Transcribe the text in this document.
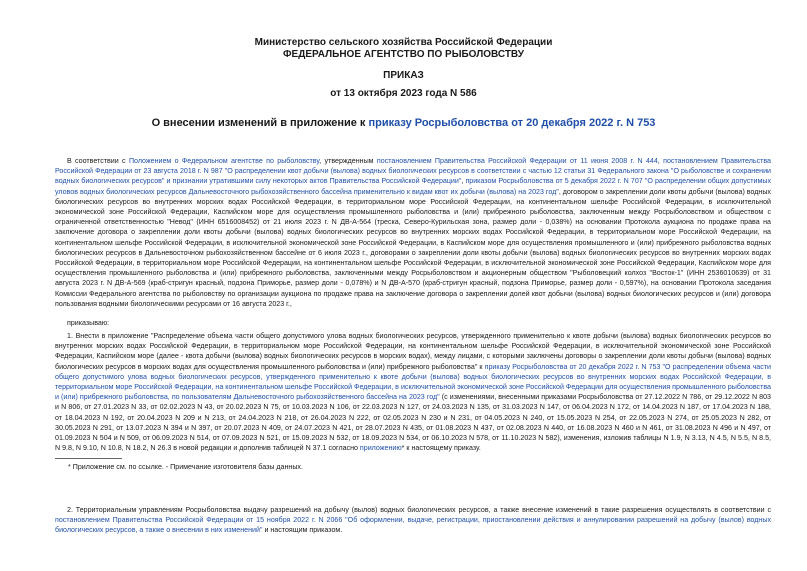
Министерство сельского хозяйства Российской Федерации
ФЕДЕРАЛЬНОЕ АГЕНТСТВО ПО РЫБОЛОВСТВУ
ПРИКАЗ
от 13 октября 2023 года N 586
О внесении изменений в приложение к приказу Росрыболовства от 20 декабря 2022 г. N 753
В соответствии с Положением о Федеральном агентстве по рыболовству, утвержденным постановлением Правительства Российской Федерации от 11 июня 2008 г. N 444, постановлением Правительства Российской Федерации от 23 августа 2018 г. N 987 "О распределении квот добычи (вылова) водных биологических ресурсов в соответствии с частью 12 статьи 31 Федерального закона "О рыболовстве и сохранении водных биологических ресурсов" и признании утратившими силу некоторых актов Правительства Российской Федерации", приказом Росрыболовства от 5 декабря 2022 г. N 707 "О распределении общих допустимых уловов водных биологических ресурсов Дальневосточного рыбохозяйственного бассейна применительно к видам квот их добычи (вылова) на 2023 год", договором о закреплении доли квоты добычи (вылова) водных биологических ресурсов во внутренних морских водах Российской Федерации, в территориальном море Российской Федерации, на континентальном шельфе Российской Федерации, в исключительной экономической зоне Российской Федерации, Каспийском море для осуществления промышленного рыболовства и (или) прибрежного рыболовства, заключенным между Росрыболовством и обществом с ограниченной ответственностью "Невод" (ИНН 6516008452) от 21 июля 2023 г. N ДВ-А-564 (треска, Северо-Курильская зона, размер доли - 0,038%) на основании Протокола аукциона по продаже права на заключение договора о закреплении доли квоты добычи (вылова) водных биологических ресурсов во внутренних морских водах Российской Федерации, в территориальном море Российской Федерации, на континентальном шельфе Российской Федерации, в исключительной экономической зоне Российской Федерации, в Каспийском море для осуществления промышленного и (или) прибрежного рыболовства водных биологических ресурсов в Дальневосточном рыбохозяйственном бассейне от 6 июля 2023 г., договорами о закреплении доли квоты добычи (вылова) водных биологических ресурсов во внутренних морских водах Российской Федерации, в территориальном море Российской Федерации, на континентальном шельфе Российской Федерации, в исключительной экономической зоне Российской Федерации, Каспийском море для осуществления промышленного рыболовства и (или) прибрежного рыболовства, заключенными между Росрыболовством и акционерным обществом "Рыболовецкий колхоз "Восток-1" (ИНН 2536010639) от 31 августа 2023 г. N ДВ-А-569 (краб-стригун красный, подзона Приморье, размер доли - 0,078%) и N ДВ-А-570 (краб-стригун красный, подзона Приморье, размер доли - 0,597%), на основании Протокола заседания Комиссии Федерального агентства по рыболовству по организации аукциона по продаже права на заключение договора о закреплении долей квот добычи (вылова) водных биологических ресурсов и (или) договора пользования водными биологическими ресурсами от 16 августа 2023 г.,
приказываю:
1. Внести в приложение "Распределение объема части общего допустимого улова водных биологических ресурсов, утвержденного применительно к квоте добычи (вылова) водных биологических ресурсов во внутренних морских водах Российской Федерации, в территориальном море Российской Федерации, на континентальном шельфе Российской Федерации, в исключительной экономической зоне Российской Федерации, Каспийском море (далее - квота добычи (вылова) водных биологических ресурсов в морских водах), между лицами, с которыми заключены договоры о закреплении доли квоты добычи (вылова) водных биологических ресурсов в морских водах для осуществления промышленного рыболовства и (или) прибрежного рыболовства" к приказу Росрыболовства от 20 декабря 2022 г. N 753 "О распределении объема части общего допустимого улова водных биологических ресурсов, утвержденного применительно к квоте добычи (вылова) водных биологических ресурсов во внутренних морских водах Российской Федерации, в территориальном море Российской Федерации, на континентальном шельфе Российской Федерации, в исключительной экономической зоне Российской Федерации для осуществления промышленного рыболовства и (или) прибрежного рыболовства, по пользователям Дальневосточного рыбохозяйственного бассейна на 2023 год" (с изменениями, внесенными приказами Росрыболовства от 27.12.2022 N 786, от 29.12.2022 N 803 и N 806, от 27.01.2023 N 33, от 02.02.2023 N 43, от 20.02.2023 N 75, от 10.03.2023 N 106, от 22.03.2023 N 127, от 24.03.2023 N 135, от 31.03.2023 N 147, от 06.04.2023 N 172, от 14.04.2023 N 187, от 17.04.2023 N 188, от 18.04.2023 N 192, от 20.04.2023 N 209 и N 213, от 24.04.2023 N 218, от 26.04.2023 N 222, от 02.05.2023 N 230 и N 231, от 04.05.2023 N 240, от 15.05.2023 N 254, от 22.05.2023 N 274, от 25.05.2023 N 282, от 30.05.2023 N 291, от 13.07.2023 N 394 и N 397, от 20.07.2023 N 409, от 24.07.2023 N 421, от 28.07.2023 N 435, от 01.08.2023 N 437, от 02.08.2023 N 440, от 16.08.2023 N 460 и N 461, от 31.08.2023 N 496 и N 497, от 01.09.2023 N 504 и N 509, от 06.09.2023 N 514, от 07.09.2023 N 521, от 15.09.2023 N 532, от 18.09.2023 N 534, от 06.10.2023 N 578, от 11.10.2023 N 582), изменения, изложив таблицы N 1.9, N 3.13, N 4.5, N 5.5, N 8.5, N 9.8, N 9.10, N 10.8, N 18.2, N 26.3 в новой редакции и дополнив таблицей N 37.1 согласно приложению* к настоящему приказу.
* Приложение см. по ссылке. - Примечание изготовителя базы данных.
2. Территориальным управлениям Росрыболовства выдачу разрешений на добычу (вылов) водных биологических ресурсов, а также внесение изменений в такие разрешения осуществлять в соответствии с постановлением Правительства Российской Федерации от 15 ноября 2022 г. N 2066 "Об оформлении, выдаче, регистрации, приостановлении действия и аннулировании разрешений на добычу (вылов) водных биологических ресурсов, а также о внесении в них изменений" и настоящим приказом.
